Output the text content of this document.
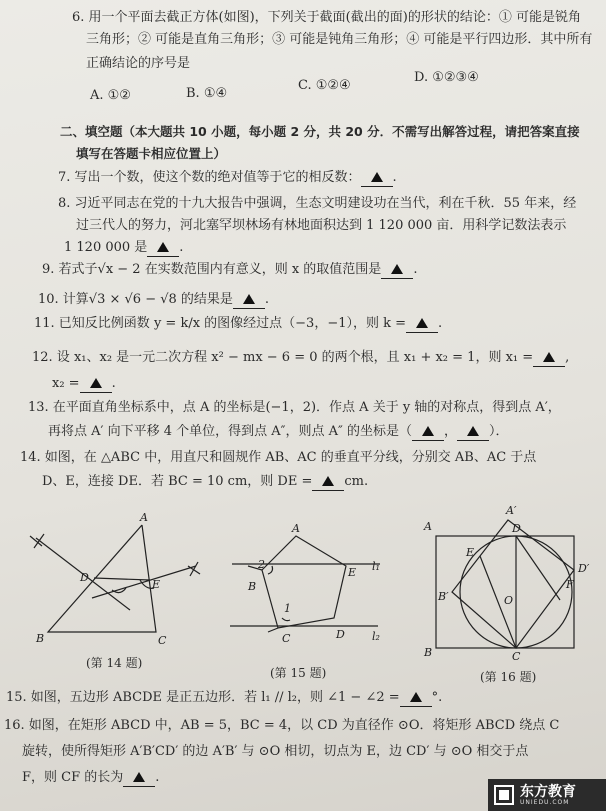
6. 用一个平面去截正方体(如图)，下列关于截面(截出的面)的形状的结论：① 可能是锐角
三角形；② 可能是直角三角形；③ 可能是钝角三角形；④ 可能是平行四边形．其中所有
正确结论的序号是
A. ①②	B. ①④
C. ①②④
D. ①②③④
二、填空题（本大题共 10 小题，每小题 2 分，共 20 分．不需写出解答过程，请把答案直接
填写在答题卡相应位置上）
7. 写出一个数，使这个数的绝对值等于它的相反数： .
8. 习近平同志在党的十九大报告中强调，生态文明建设功在当代，利在千秋．55 年来，经
过三代人的努力，河北塞罕坝林场有林地面积达到 1 120 000 亩．用科学记数法表示
1 120 000 是 .
9. 若式子√x − 2 在实数范围内有意义，则 x 的取值范围是 .
10. 计算√3 × √6 − √8 的结果是 .
11. 已知反比例函数 y = k/x 的图像经过点（−3，−1），则 k = .
12. 设 x₁、x₂ 是一元二次方程 x² − mx − 6 = 0 的两个根，且 x₁ + x₂ = 1，则 x₁ = ,
x₂ = .
13. 在平面直角坐标系中，点 A 的坐标是(−1，2)．作点 A 关于 y 轴的对称点，得到点 A′，
再将点 A′ 向下平移 4 个单位，得到点 A″，则点 A″ 的坐标是（ ， ）．
14. 如图，在 △ABC 中，用直尺和圆规作 AB、AC 的垂直平分线，分别交 AB、AC 于点
D、E，连接 DE．若 BC = 10 cm，则 DE = cm.
A
B	C
D
E
(第 14 题)
A
B
C	D
E
2
1
l₁
l₂
(第 15 题)
A
A′
B
B′
C
D
D′
E
F
O
(第 16 题)
15. 如图，五边形 ABCDE 是正五边形．若 l₁ // l₂，则 ∠1 − ∠2 = °.
16. 如图，在矩形 ABCD 中，AB = 5，BC = 4，以 CD 为直径作 ⊙O．将矩形 ABCD 绕点 C
旋转，使所得矩形 A′B′CD′ 的边 A′B′ 与 ⊙O 相切，切点为 E，边 CD′ 与 ⊙O 相交于点
F，则 CF 的长为 .
东方教育
UNIEDU.COM
